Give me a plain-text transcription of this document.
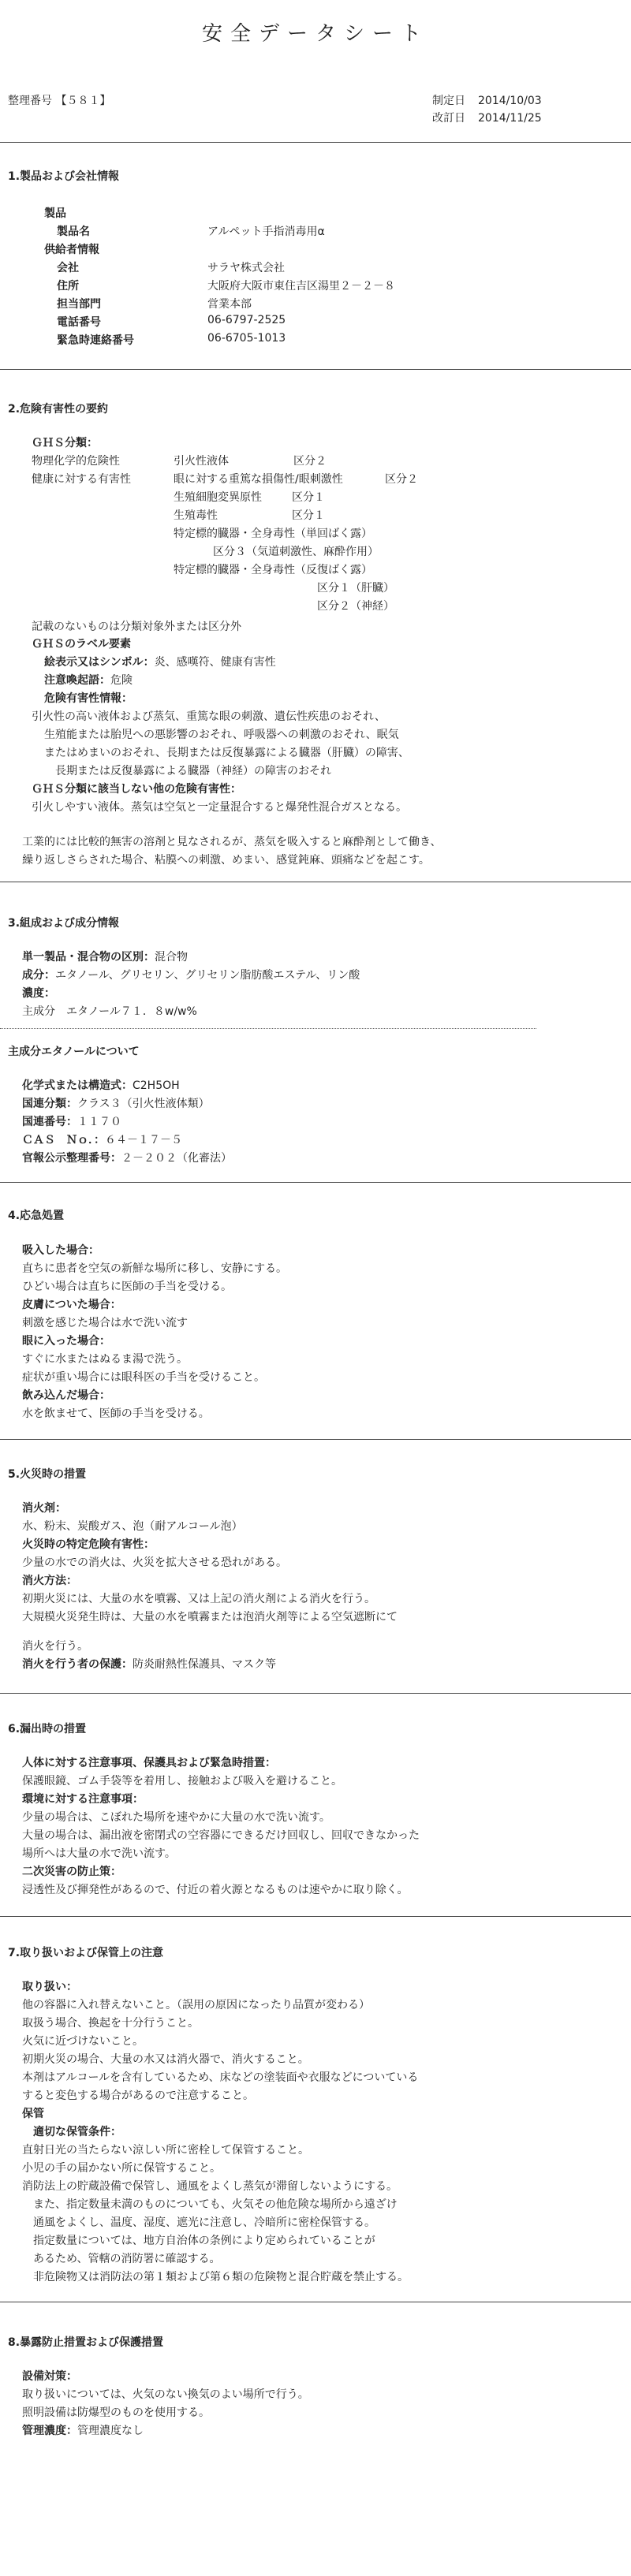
安全データシート
整理番号 【５８１】	制定日 2014/10/03
改訂日 2014/11/25
1.製品および会社情報
製品
製品名	アルペット手指消毒用α
供給者情報
会社	サラヤ株式会社
住所	大阪府大阪市東住吉区湯里２－２－８
担当部門	営業本部
電話番号	06-6797-2525
緊急時連絡番号	06-6705-1013
2.危険有害性の要約
ＧＨＳ分類：
物理化学的危険性	引火性液体	区分２
健康に対する有害性	眼に対する重篤な損傷性/眼刺激性	区分２
生殖細胞変異原性	区分１
生殖毒性	区分１
特定標的臓器・全身毒性（単回ばく露）
区分３（気道刺激性、麻酔作用）
特定標的臓器・全身毒性（反復ばく露）
区分１（肝臓）
区分２（神経）
記載のないものは分類対象外または区分外
ＧＨＳのラベル要素
絵表示又はシンボル：炎、感嘆符、健康有害性
注意喚起語：危険
危険有害性情報：
引火性の高い液体および蒸気、重篤な眼の刺激、遺伝性疾患のおそれ、
生殖能または胎児への悪影響のおそれ、呼吸器への刺激のおそれ、眠気
またはめまいのおそれ、長期または反復暴露による臓器（肝臓）の障害、
長期または反復暴露による臓器（神経）の障害のおそれ
ＧＨＳ分類に該当しない他の危険有害性：
引火しやすい液体。蒸気は空気と一定量混合すると爆発性混合ガスとなる。
工業的には比較的無害の溶剤と見なされるが、蒸気を吸入すると麻酔剤として働き、
繰り返しさらされた場合、粘膜への刺激、めまい、感覚鈍麻、頭痛などを起こす。
3.組成および成分情報
単一製品・混合物の区別：混合物
成分：エタノール、グリセリン、グリセリン脂肪酸エステル、リン酸
濃度：
主成分　エタノール７１．８w/w%
主成分エタノールについて
化学式または構造式：C2H5OH
国連分類：クラス３（引火性液体類）
国連番号：１１７０
ＣＡＳ　Ｎｏ．：６４－１７－５
官報公示整理番号：２－２０２（化審法）
4.応急処置
吸入した場合：
直ちに患者を空気の新鮮な場所に移し、安静にする。
ひどい場合は直ちに医師の手当を受ける。
皮膚についた場合：
刺激を感じた場合は水で洗い流す
眼に入った場合：
すぐに水またはぬるま湯で洗う。
症状が重い場合には眼科医の手当を受けること。
飲み込んだ場合：
水を飲ませて、医師の手当を受ける。
5.火災時の措置
消火剤：
水、粉末、炭酸ガス、泡（耐アルコール泡）
火災時の特定危険有害性：
少量の水での消火は、火災を拡大させる恐れがある。
消火方法：
初期火災には、大量の水を噴霧、又は上記の消火剤による消火を行う。
大規模火災発生時は、大量の水を噴霧または泡消火剤等による空気遮断にて
消火を行う。
消火を行う者の保護：防炎耐熱性保護具、マスク等
6.漏出時の措置
人体に対する注意事項、保護具および緊急時措置：
保護眼鏡、ゴム手袋等を着用し、接触および吸入を避けること。
環境に対する注意事項：
少量の場合は、こぼれた場所を速やかに大量の水で洗い流す。
大量の場合は、漏出液を密閉式の空容器にできるだけ回収し、回収できなかった
場所へは大量の水で洗い流す。
二次災害の防止策：
浸透性及び揮発性があるので、付近の着火源となるものは速やかに取り除く。
7.取り扱いおよび保管上の注意
取り扱い：
他の容器に入れ替えないこと。（誤用の原因になったり品質が変わる）
取扱う場合、換起を十分行うこと。
火気に近づけないこと。
初期火災の場合、大量の水又は消火器で、消火すること。
本剤はアルコールを含有しているため、床などの塗装面や衣服などについている
すると変色する場合があるので注意すること。
保管
適切な保管条件：
直射日光の当たらない涼しい所に密栓して保管すること。
小児の手の届かない所に保管すること。
消防法上の貯蔵設備で保管し、通風をよくし蒸気が滞留しないようにする。
また、指定数量未満のものについても、火気その他危険な場所から遠ざけ
通風をよくし、温度、湿度、遮光に注意し、冷暗所に密栓保管する。
指定数量については、地方自治体の条例により定められていることが
あるため、管轄の消防署に確認する。
非危険物又は消防法の第１類および第６類の危険物と混合貯蔵を禁止する。
8.暴露防止措置および保護措置
設備対策：
取り扱いについては、火気のない換気のよい場所で行う。
照明設備は防爆型のものを使用する。
管理濃度：管理濃度なし
